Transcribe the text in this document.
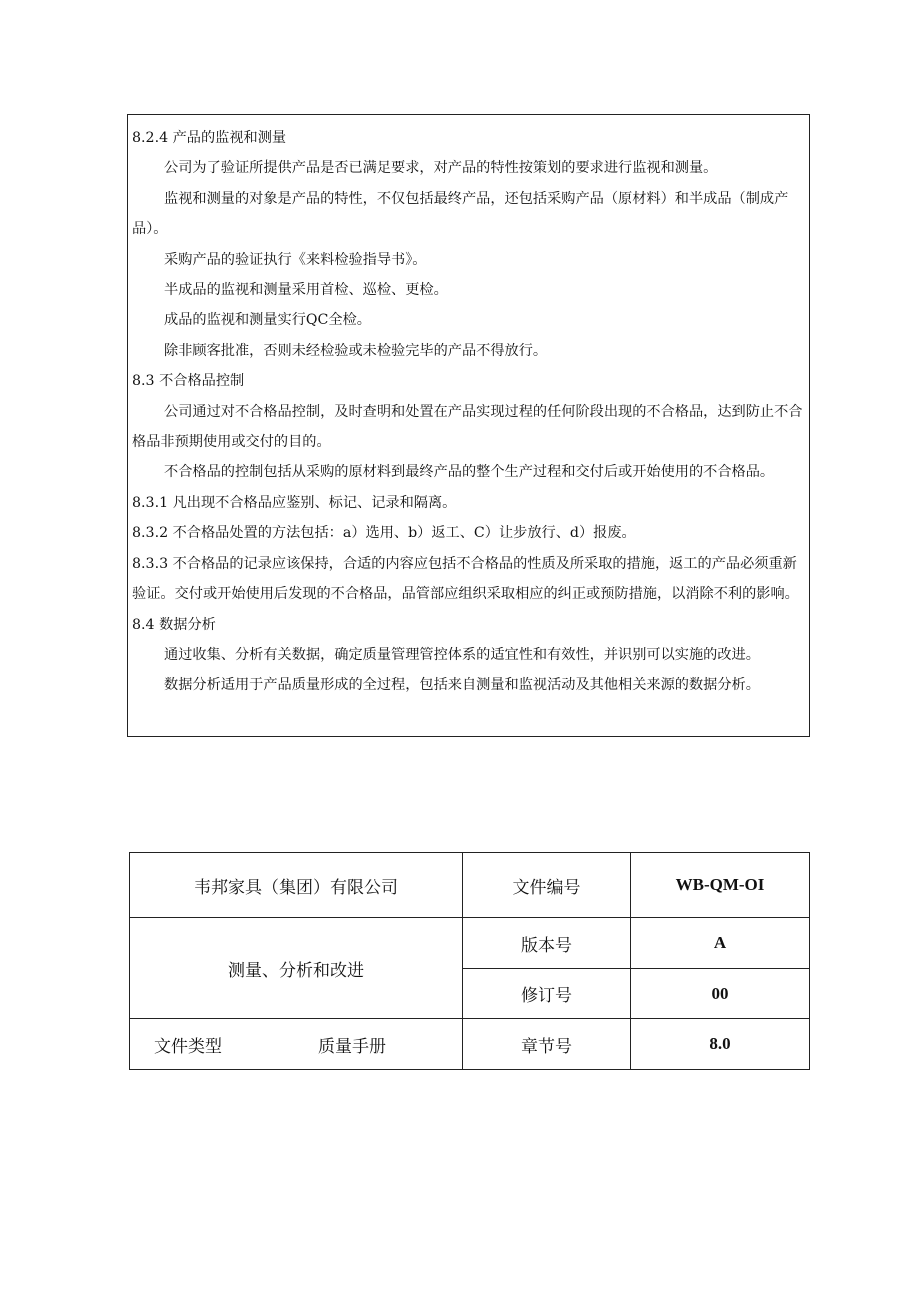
8.2.4 产品的监视和测量

公司为了验证所提供产品是否已满足要求，对产品的特性按策划的要求进行监视和测量。

监视和测量的对象是产品的特性，不仅包括最终产品，还包括采购产品（原材料）和半成品（制成产品）。

采购产品的验证执行《来料检验指导书》。

半成品的监视和测量采用首检、巡检、更检。

成品的监视和测量实行QC全检。

除非顾客批准，否则未经检验或未检验完毕的产品不得放行。

8.3 不合格品控制

公司通过对不合格品控制，及时查明和处置在产品实现过程的任何阶段出现的不合格品，达到防止不合格品非预期使用或交付的目的。

不合格品的控制包括从采购的原材料到最终产品的整个生产过程和交付后或开始使用的不合格品。

8.3.1 凡出现不合格品应鉴别、标记、记录和隔离。

8.3.2 不合格品处置的方法包括：a）选用、b）返工、C）让步放行、d）报废。

8.3.3 不合格品的记录应该保持，合适的内容应包括不合格品的性质及所采取的措施，返工的产品必须重新验证。交付或开始使用后发现的不合格品，品管部应组织采取相应的纠正或预防措施，以消除不利的影响。

8.4 数据分析

通过收集、分析有关数据，确定质量管理管控体系的适宜性和有效性，并识别可以实施的改进。

数据分析适用于产品质量形成的全过程，包括来自测量和监视活动及其他相关来源的数据分析。

韦邦家具（集团）有限公司	文件编号	WB-QM-OI
测量、分析和改进	版本号	A
	修订号	00

文件类型 质量手册	章节号	8.0
